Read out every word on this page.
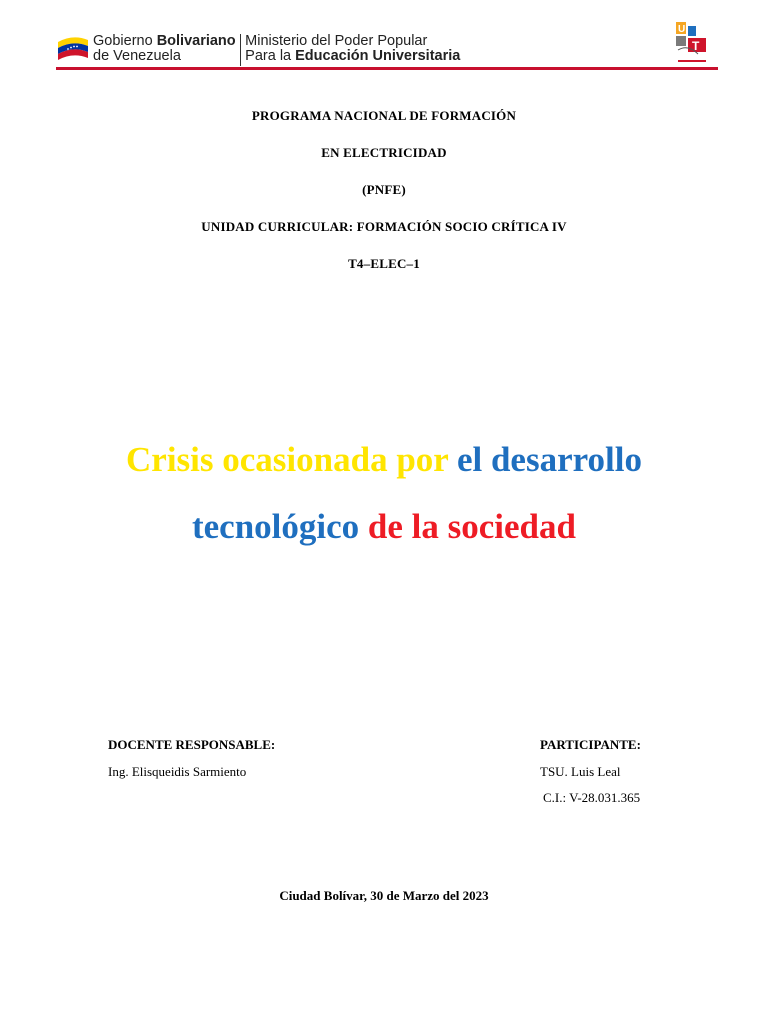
Gobierno Bolivariano
de Venezuela
Ministerio del Poder Popular
Para la Educación Universitaria
U
T
PROGRAMA NACIONAL DE FORMACIÓN
EN ELECTRICIDAD
(PNFE)
UNIDAD CURRICULAR: FORMACIÓN SOCIO CRÍTICA IV
T4–ELEC–1
Crisis ocasionada por el desarrollo
tecnológico de la sociedad
DOCENTE RESPONSABLE:
Ing. Elisqueidis Sarmiento
PARTICIPANTE:
TSU. Luis Leal
C.I.: V-28.031.365
Ciudad Bolívar, 30 de Marzo del 2023
